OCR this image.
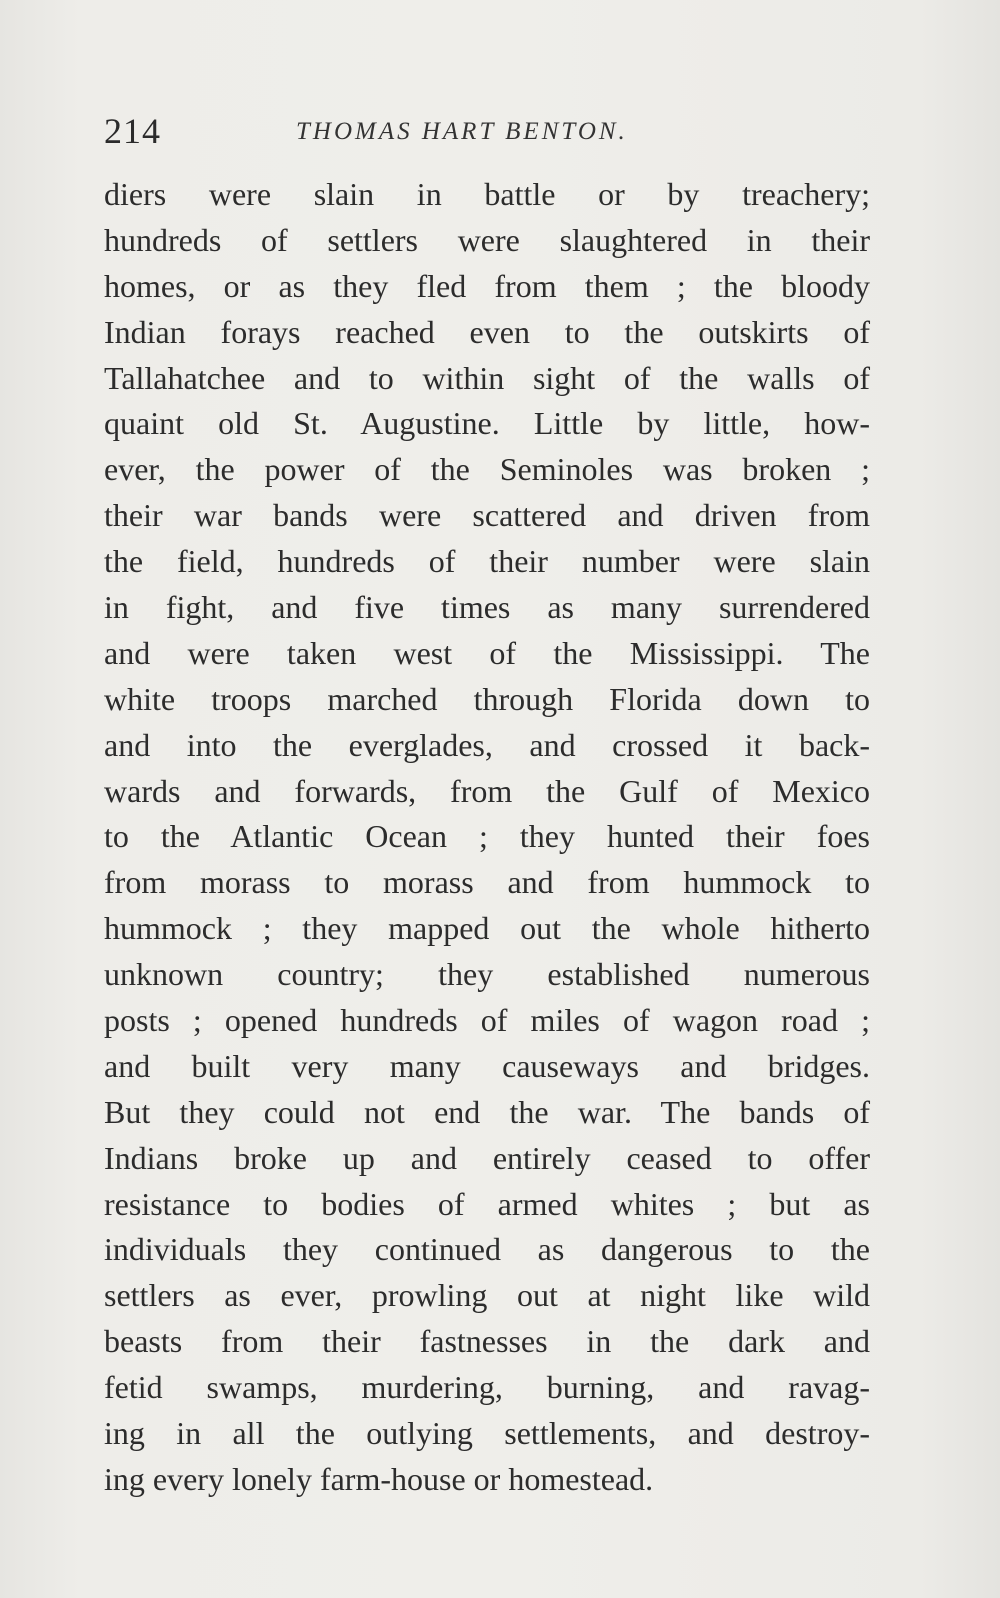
214	THOMAS HART BENTON.
diers were slain in battle or by treachery;
hundreds of settlers were slaughtered in their
homes, or as they fled from them ; the bloody
Indian forays reached even to the outskirts of
Tallahatchee and to within sight of the walls of
quaint old St. Augustine. Little by little, how-
ever, the power of the Seminoles was broken ;
their war bands were scattered and driven from
the field, hundreds of their number were slain
in fight, and five times as many surrendered
and were taken west of the Mississippi. The
white troops marched through Florida down to
and into the everglades, and crossed it back-
wards and forwards, from the Gulf of Mexico
to the Atlantic Ocean ; they hunted their foes
from morass to morass and from hummock to
hummock ; they mapped out the whole hitherto
unknown country; they established numerous
posts ; opened hundreds of miles of wagon road ;
and built very many causeways and bridges.
But they could not end the war. The bands of
Indians broke up and entirely ceased to offer
resistance to bodies of armed whites ; but as
individuals they continued as dangerous to the
settlers as ever, prowling out at night like wild
beasts from their fastnesses in the dark and
fetid swamps, murdering, burning, and ravag-
ing in all the outlying settlements, and destroy-
ing every lonely farm-house or homestead.
